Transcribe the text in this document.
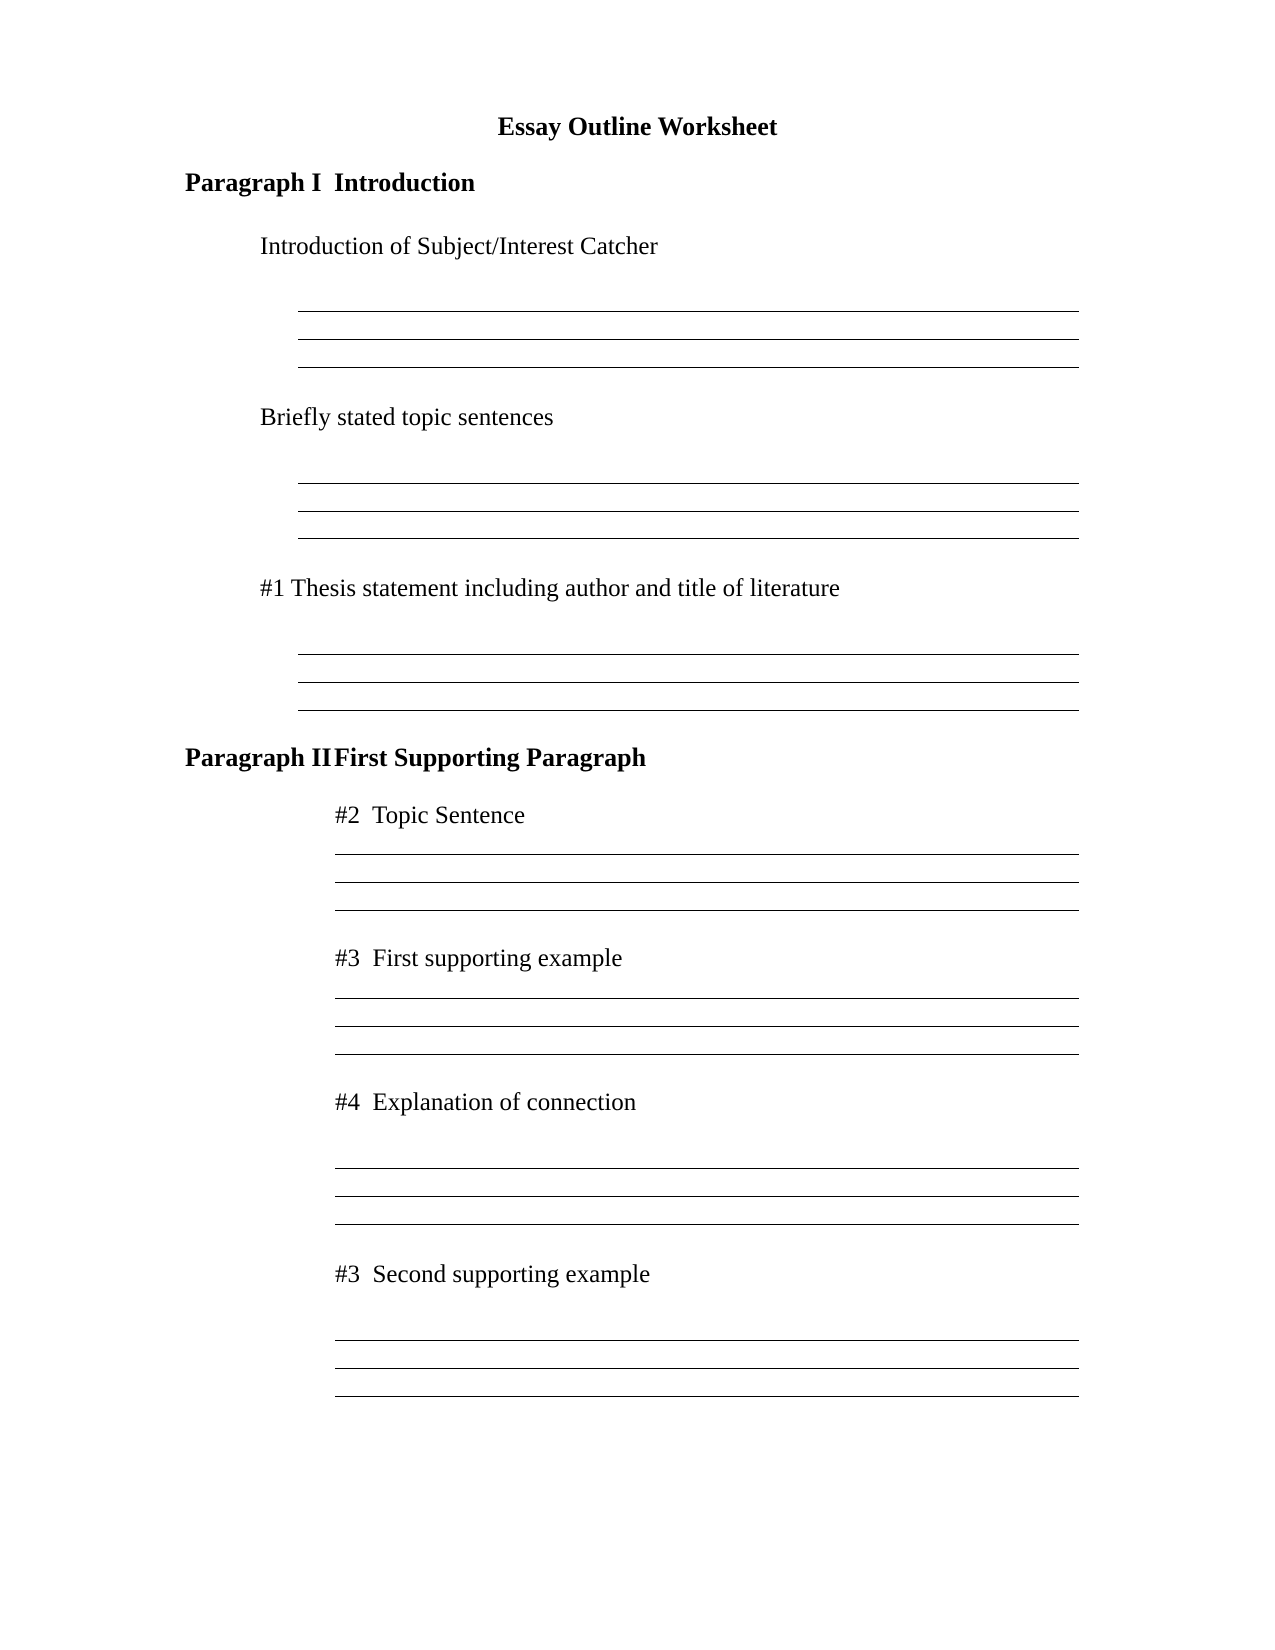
Essay Outline Worksheet
Paragraph I Introduction
Introduction of Subject/Interest Catcher
Briefly stated topic sentences
#1 Thesis statement including author and title of literature
Paragraph IIFirst Supporting Paragraph
#2  Topic Sentence
#3  First supporting example
#4  Explanation of connection
#3  Second supporting example
